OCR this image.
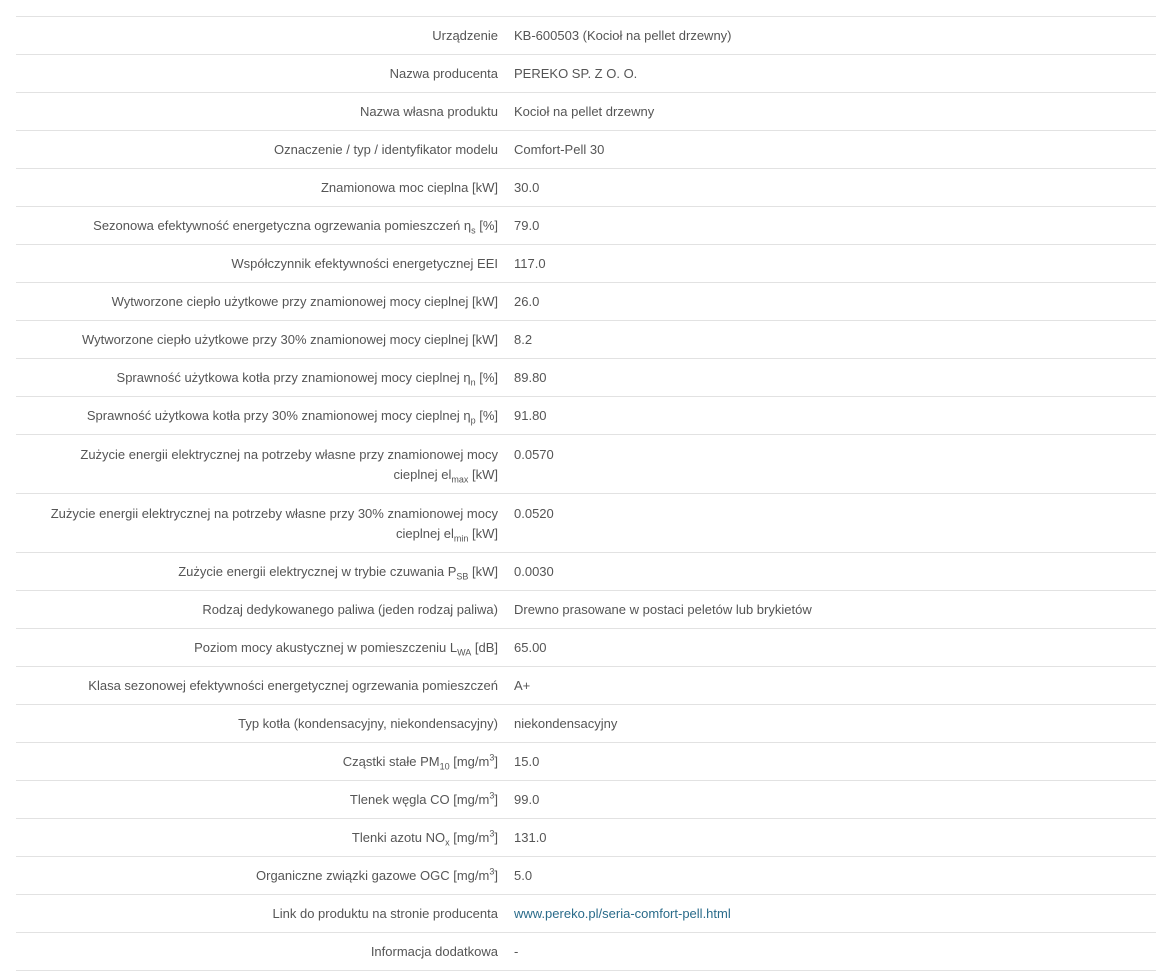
Urządzenie	KB-600503 (Kocioł na pellet drzewny)
Nazwa producenta	PEREKO SP. Z O. O.
Nazwa własna produktu	Kocioł na pellet drzewny
Oznaczenie / typ / identyfikator modelu	Comfort-Pell 30
Znamionowa moc cieplna [kW]	30.0
Sezonowa efektywność energetyczna ogrzewania pomieszczeń $\eta_s$ [%]	79.0
Współczynnik efektywności energetycznej EEI	117.0
Wytworzone ciepło użytkowe przy znamionowej mocy cieplnej [kW]	26.0
Wytworzone ciepło użytkowe przy 30% znamionowej mocy cieplnej [kW]	8.2
Sprawność użytkowa kotła przy znamionowej mocy cieplnej $\eta_n$ [%]	89.80
Sprawność użytkowa kotła przy 30% znamionowej mocy cieplnej $\eta_p$ [%]	91.80
Zużycie energii elektrycznej na potrzeby własne przy znamionowej mocy
cieplnej $el_{max}$ [kW]	0.0570
Zużycie energii elektrycznej na potrzeby własne przy 30% znamionowej mocy
cieplnej $el_{min}$ [kW]	0.0520
Zużycie energii elektrycznej w trybie czuwania $P_{SB}$ [kW]	0.0030
Rodzaj dedykowanego paliwa (jeden rodzaj paliwa)	Drewno prasowane w postaci peletów lub brykietów
Poziom mocy akustycznej w pomieszczeniu $L_{WA}$ [dB]	65.00
Klasa sezonowej efektywności energetycznej ogrzewania pomieszczeń	A+
Typ kotła (kondensacyjny, niekondensacyjny)	niekondensacyjny
Cząstki stałe $PM_{10}$ $[mg/m^3]$	15.0
Tlenek węgla CO $[mg/m^3]$	99.0
Tlenki azotu $NO_x$ $[mg/m^3]$	131.0
Organiczne związki gazowe OGC $[mg/m^3]$	5.0
Link do produktu na stronie producenta	www.pereko.pl/seria-comfort-pell.html
Informacja dodatkowa	-
